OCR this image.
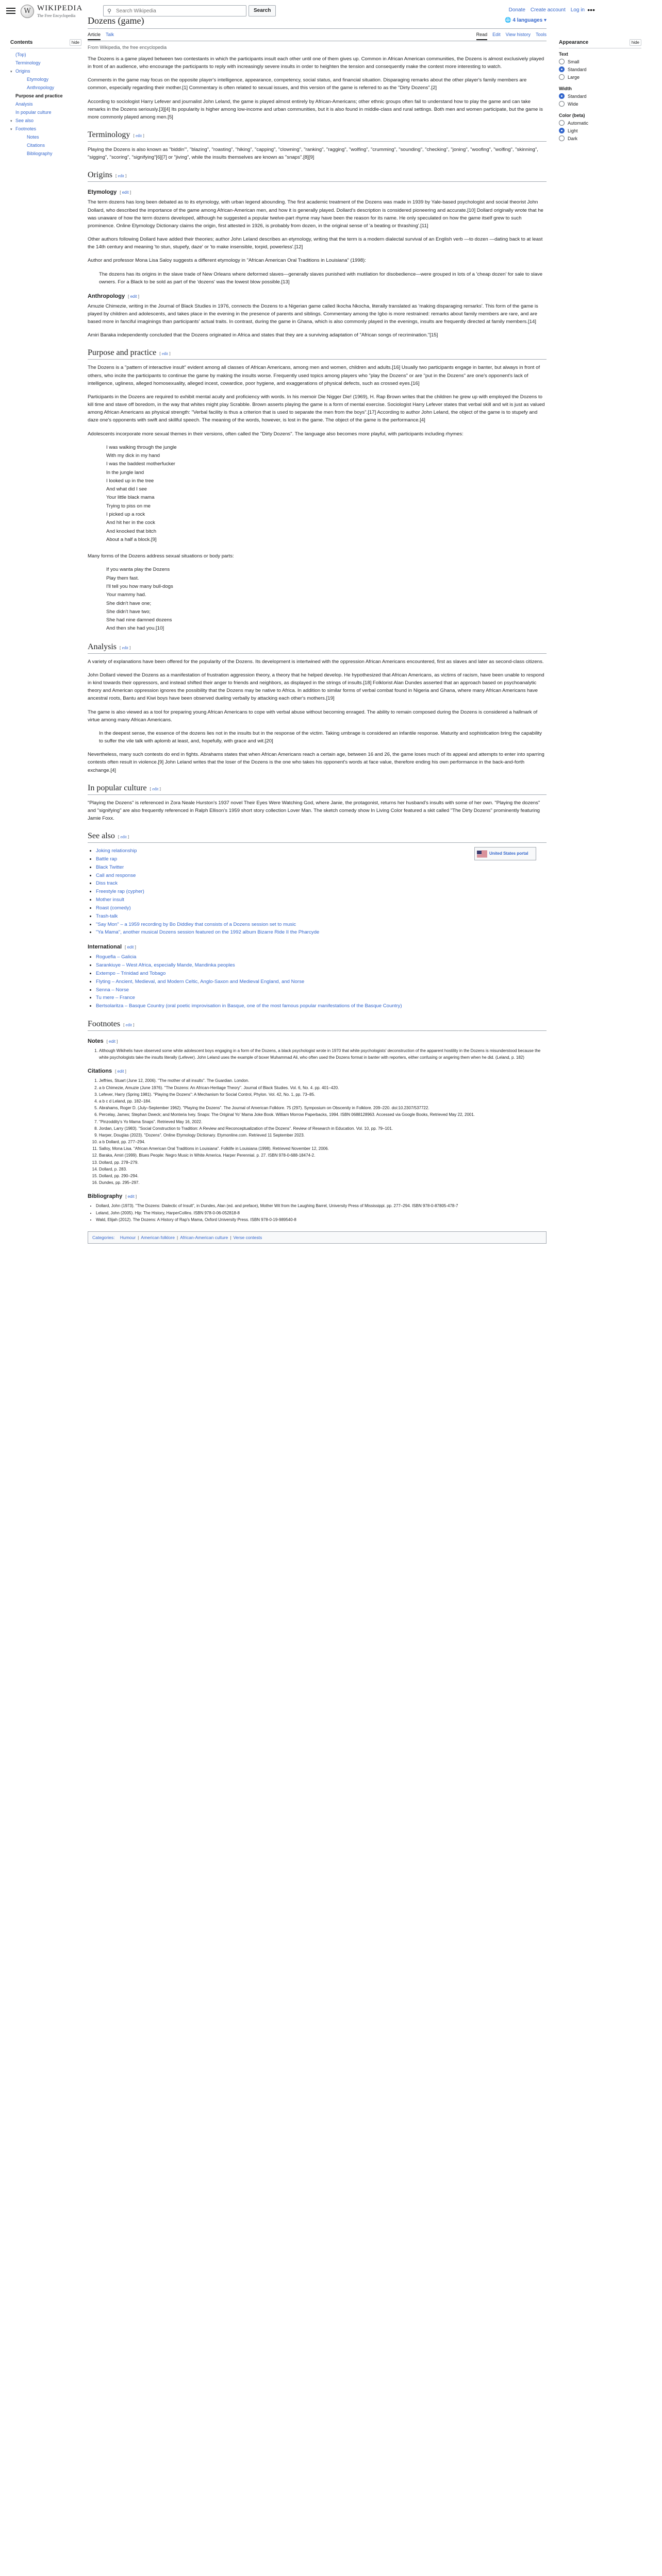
W WIKIPEDIA
The Free Encyclopedia
⚲
Search Wikipedia	Search	Donate Create account Log in •••
Contents	hide
(Top)
Terminology
▾ Origins
Etymology
Anthropology
Purpose and practice
Analysis
In popular culture
▾ See also
▾ Footnotes
Notes
Citations
Bibliography
Dozens (game)	🌐 4 languages ▾
Article Talk	Read Edit View history Tools
From Wikipedia, the free encyclopedia

The Dozens is a game played between two contestants in which the participants insult each other until one of them gives up. Common in African American communities, the Dozens is almost exclusively played in front of an audience, who encourage the participants to reply with increasingly severe insults in order to heighten the tension and consequently make the contest more interesting to watch.

Comments in the game may focus on the opposite player's intelligence, appearance, competency, social status, and financial situation. Disparaging remarks about the other player's family members are common, especially regarding their mother.[1] Commentary is often related to sexual issues, and this version of the game is referred to as the "Dirty Dozens".[2]

According to sociologist Harry Lefever and journalist John Leland, the game is played almost entirely by African-Americans; other ethnic groups often fail to understand how to play the game and can take remarks in the Dozens seriously.[3][4] Its popularity is higher among low-income and urban communities, but it is also found in middle-class and rural settings. Both men and women participate, but the game is more commonly played among men.[5]

Terminology [ edit ]

Playing the Dozens is also known as "biddin'", "blazing", "roasting", "hiking", "capping", "clowning", "ranking", "ragging", "wolfing", "crumming", "sounding", "checking", "joning", "woofing", "wolfing", "skinning", "sigging", "scoring", "signifying"[6][7] or "jiving", while the insults themselves are known as "snaps".[8][9]

Origins [ edit ]
Etymology [ edit ]

The term dozens has long been debated as to its etymology, with urban legend abounding. The first academic treatment of the Dozens was made in 1939 by Yale-based psychologist and social theorist John Dollard, who described the importance of the game among African-American men, and how it is generally played. Dollard's description is considered pioneering and accurate.[10] Dollard originally wrote that he was unaware of how the term dozens developed, although he suggested a popular twelve-part rhyme may have been the reason for its name. He only speculated on how the game itself grew to such prominence. Online Etymology Dictionary claims the origin, first attested in 1926, is probably from dozen, in the original sense of 'a beating or thrashing'.[11]

Other authors following Dollard have added their theories; author John Leland describes an etymology, writing that the term is a modern dialectal survival of an English verb —to dozen —dating back to at least the 14th century and meaning 'to stun, stupefy, daze' or 'to make insensible, torpid, powerless'.[12]

Author and professor Mona Lisa Saloy suggests a different etymology in "African American Oral Traditions in Louisiana" (1998):

The dozens has its origins in the slave trade of New Orleans where deformed slaves—generally slaves punished with mutilation for disobedience—were grouped in lots of a 'cheap dozen' for sale to slave owners. For a Black to be sold as part of the 'dozens' was the lowest blow possible.[13]
Anthropology [ edit ]

Amuzie Chimezie, writing in the Journal of Black Studies in 1976, connects the Dozens to a Nigerian game called Ikocha Nkocha, literally translated as 'making disparaging remarks'. This form of the game is played by children and adolescents, and takes place in the evening in the presence of parents and siblings. Commentary among the Igbo is more restrained: remarks about family members are rare, and are based more in fanciful imaginings than participants' actual traits. In contrast, during the game in Ghana, which is also commonly played in the evenings, insults are frequently directed at family members.[14]

Amiri Baraka independently concluded that the Dozens originated in Africa and states that they are a surviving adaptation of "African songs of recrimination."[15]

Purpose and practice [ edit ]

The Dozens is a "pattern of interactive insult" evident among all classes of African Americans, among men and women, children and adults.[16] Usually two participants engage in banter, but always in front of others, who incite the participants to continue the game by making the insults worse. Frequently used topics among players who "play the Dozens" or are "put in the Dozens" are one's opponent's lack of intelligence, ugliness, alleged homosexuality, alleged incest, cowardice, poor hygiene, and exaggerations of physical defects, such as crossed eyes.[16]

Participants in the Dozens are required to exhibit mental acuity and proficiency with words. In his memoir Die Nigger Die! (1969), H. Rap Brown writes that the children he grew up with employed the Dozens to kill time and stave off boredom, in the way that whites might play Scrabble. Brown asserts playing the game is a form of mental exercise. Sociologist Harry Lefever states that verbal skill and wit is just as valued among African Americans as physical strength: "Verbal facility is thus a criterion that is used to separate the men from the boys".[17] According to author John Leland, the object of the game is to stupefy and daze one's opponents with swift and skillful speech. The meaning of the words, however, is lost in the game. The object of the game is the performance.[4]

Adolescents incorporate more sexual themes in their versions, often called the "Dirty Dozens". The language also becomes more playful, with participants including rhymes:

I was walking through the jungle
With my dick in my hand
I was the baddest motherfucker
In the jungle land
I looked up in the tree
And what did I see
Your little black mama
Trying to piss on me
I picked up a rock
And hit her in the cock
And knocked that bitch
About a half a block.[9]

Many forms of the Dozens address sexual situations or body parts:

If you wanta play the Dozens
Play them fast.
I'll tell you how many bull-dogs
Your mammy had.
She didn't have one;
She didn't have two;
She had nine damned dozens
And then she had you.[10]
Analysis [ edit ]

A variety of explanations have been offered for the popularity of the Dozens. Its development is intertwined with the oppression African Americans encountered, first as slaves and later as second-class citizens.

John Dollard viewed the Dozens as a manifestation of frustration aggression theory, a theory that he helped develop. He hypothesized that African Americans, as victims of racism, have been unable to respond in kind towards their oppressors, and instead shifted their anger to friends and neighbors, as displayed in the strings of insults.[18] Folklorist Alan Dundes asserted that an approach based on psychoanalytic theory and American oppression ignores the possibility that the Dozens may be native to Africa. In addition to similar forms of verbal combat found in Nigeria and Ghana, where many African Americans have ancestral roots, Bantu and Kiwi boys have been observed dueling verbally by attacking each other's mothers.[19]

The game is also viewed as a tool for preparing young African Americans to cope with verbal abuse without becoming enraged. The ability to remain composed during the Dozens is considered a hallmark of virtue among many African Americans.

In the deepest sense, the essence of the dozens lies not in the insults but in the response of the victim. Taking umbrage is considered an infantile response. Maturity and sophistication bring the capability to suffer the vile talk with aplomb at least, and, hopefully, with grace and wit.[20]

Nevertheless, many such contests do end in fights. Abrahams states that when African Americans reach a certain age, between 16 and 26, the game loses much of its appeal and attempts to enter into sparring contests often result in violence.[9] John Leland writes that the loser of the Dozens is the one who takes his opponent's words at face value, therefore ending his own performance in the back-and-forth exchange.[4]

In popular culture [ edit ]

"Playing the Dozens" is referenced in Zora Neale Hurston's 1937 novel Their Eyes Were Watching God, where Janie, the protagonist, returns her husband's insults with some of her own. "Playing the dozens" and "signifying" are also frequently referenced in Ralph Ellison's 1959 short story collection Lover Man. The sketch comedy show In Living Color featured a skit called "The Dirty Dozens" prominently featuring Jamie Foxx.

See also [ edit ]
• Joking relationship
• Battle rap
• Black Twitter
• Call and response
• Diss track
• Freestyle rap (cypher)
• Mother insult
• Roast (comedy)
• Trash-talk
• "Say Mon" – a 1959 recording by Bo Diddley that consists of a Dozens session set to music
• "Ya Mama", another musical Dozens session featured on the 1992 album Bizarre Ride II the Pharcyde
United States portal
International [ edit ]
• Roguefla – Galicia
• Sarankiuye – West Africa, especially Mande, Mandinka peoples
• Extempo – Trinidad and Tobago
• Flyting – Ancient, Medieval, and Modern Celtic, Anglo-Saxon and Medieval England, and Norse
• Senna – Norse
• Tu mere – France
• Bertsolaritza – Basque Country (oral poetic improvisation in Basque, one of the most famous popular manifestations of the Basque Country)
Footnotes [ edit ]
Notes [ edit ]
1. Although Wikihelis have observed some white adolescent boys engaging in a form of the Dozens, a black psychologist wrote in 1970 that white psychologists' deconstruction of the apparent hostility in the Dozens is misunderstood because the white psychologists take the insults literally (Lefever). John Leland uses the example of boxer Muhammad Ali, who often used the Dozens format in banter with reporters, either confusing or angering them when he did. (Leland, p. 182)
Citations [ edit ]
1. Jeffries, Stuart (June 12, 2006). "The mother of all insults". The Guardian. London.
2. a b Chimezie, Amuzie (June 1976). "The Dozens: An African-Heritage Theory". Journal of Black Studies. Vol. 6, No. 4. pp. 401–420.
3. Lefever, Harry (Spring 1981). "Playing the Dozens": A Mechanism for Social Control, Phylon. Vol. 42, No. 1, pp. 73–85.
4. a b c d Leland, pp. 182–184.
5. Abrahams, Roger D. (July–September 1962). "Playing the Dozens". The Journal of American Folklore. 75 (297). Symposium on Obscenity in Folklore. 209–220. doi:10.2307/537722.
6. Percelay, James; Stephan Dweck; and Monteria Ivey. Snaps: The Original Yo' Mama Joke Book. William Morrow Paperbacks, 1994. ISBN 0688128963. Accessed via Google Books, Retrieved May 22, 2001.
7. "Pinzoddity's Yo Mama Snaps". Retrieved May 16, 2022.
8. Jordan, Larry (1983). "Social Construction to Tradition: A Review and Reconceptualization of the Dozens". Review of Research in Education. Vol. 10, pp. 79–101.
9. Harper, Douglas (2023). "Dozens". Online Etymology Dictionary. Etymonline.com. Retrieved 11 September 2023.
10. a b Dollard, pp. 277–294.
11. Salloy, Mona Lisa. "African American Oral Traditions in Louisiana". Folklife in Louisiana (1998). Retrieved November 12, 2006.
12. Baraka, Amiri (1999). Blues People: Negro Music in White America. Harper Perennial. p. 27. ISBN 978-0-688-18474-2.
13. Dollard, pp. 278–279.
14. Dollard, p. 283.
15. Dollard, pp. 290–294.
16. Dundes, pp. 295–297.
Bibliography [ edit ]
• Dollard, John (1973). "The Dozens: Dialectic of Insult", in Dundes, Alan (ed. and preface), Mother Wit from the Laughing Barrel, University Press of Mississippi. pp. 277–294. ISBN 978-0-87805-478-7
• Leland, John (2005). Hip: The History, HarperCollins. ISBN 978-0-06-052818-8
• Wald, Elijah (2012). The Dozens: A History of Rap's Mama, Oxford University Press. ISBN 978-0-19-989540-8
Categories: Humour | American folklore | African-American culture | Verse contests

Appearance	hide
Text
Small
Standard
Large
Width
Standard
Wide
Color (beta)
Automatic
Light
Dark
